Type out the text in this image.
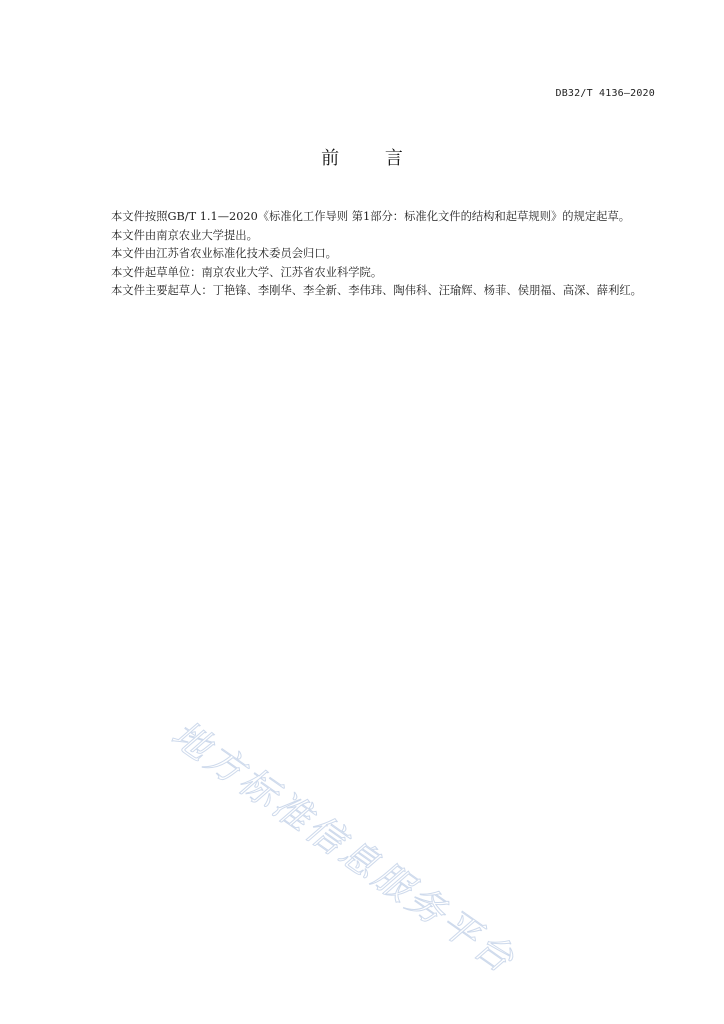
DB32/T 4136—2020
前 言

本文件按照GB/T 1.1—2020《标准化工作导则 第1部分：标准化文件的结构和起草规则》的规定起草。

本文件由南京农业大学提出。

本文件由江苏省农业标准化技术委员会归口。

本文件起草单位：南京农业大学、江苏省农业科学院。

本文件主要起草人：丁艳锋、李刚华、李全新、李伟玮、陶伟科、汪瑜辉、杨菲、侯朋福、高深、薛利红。

地方标准信息服务平台
